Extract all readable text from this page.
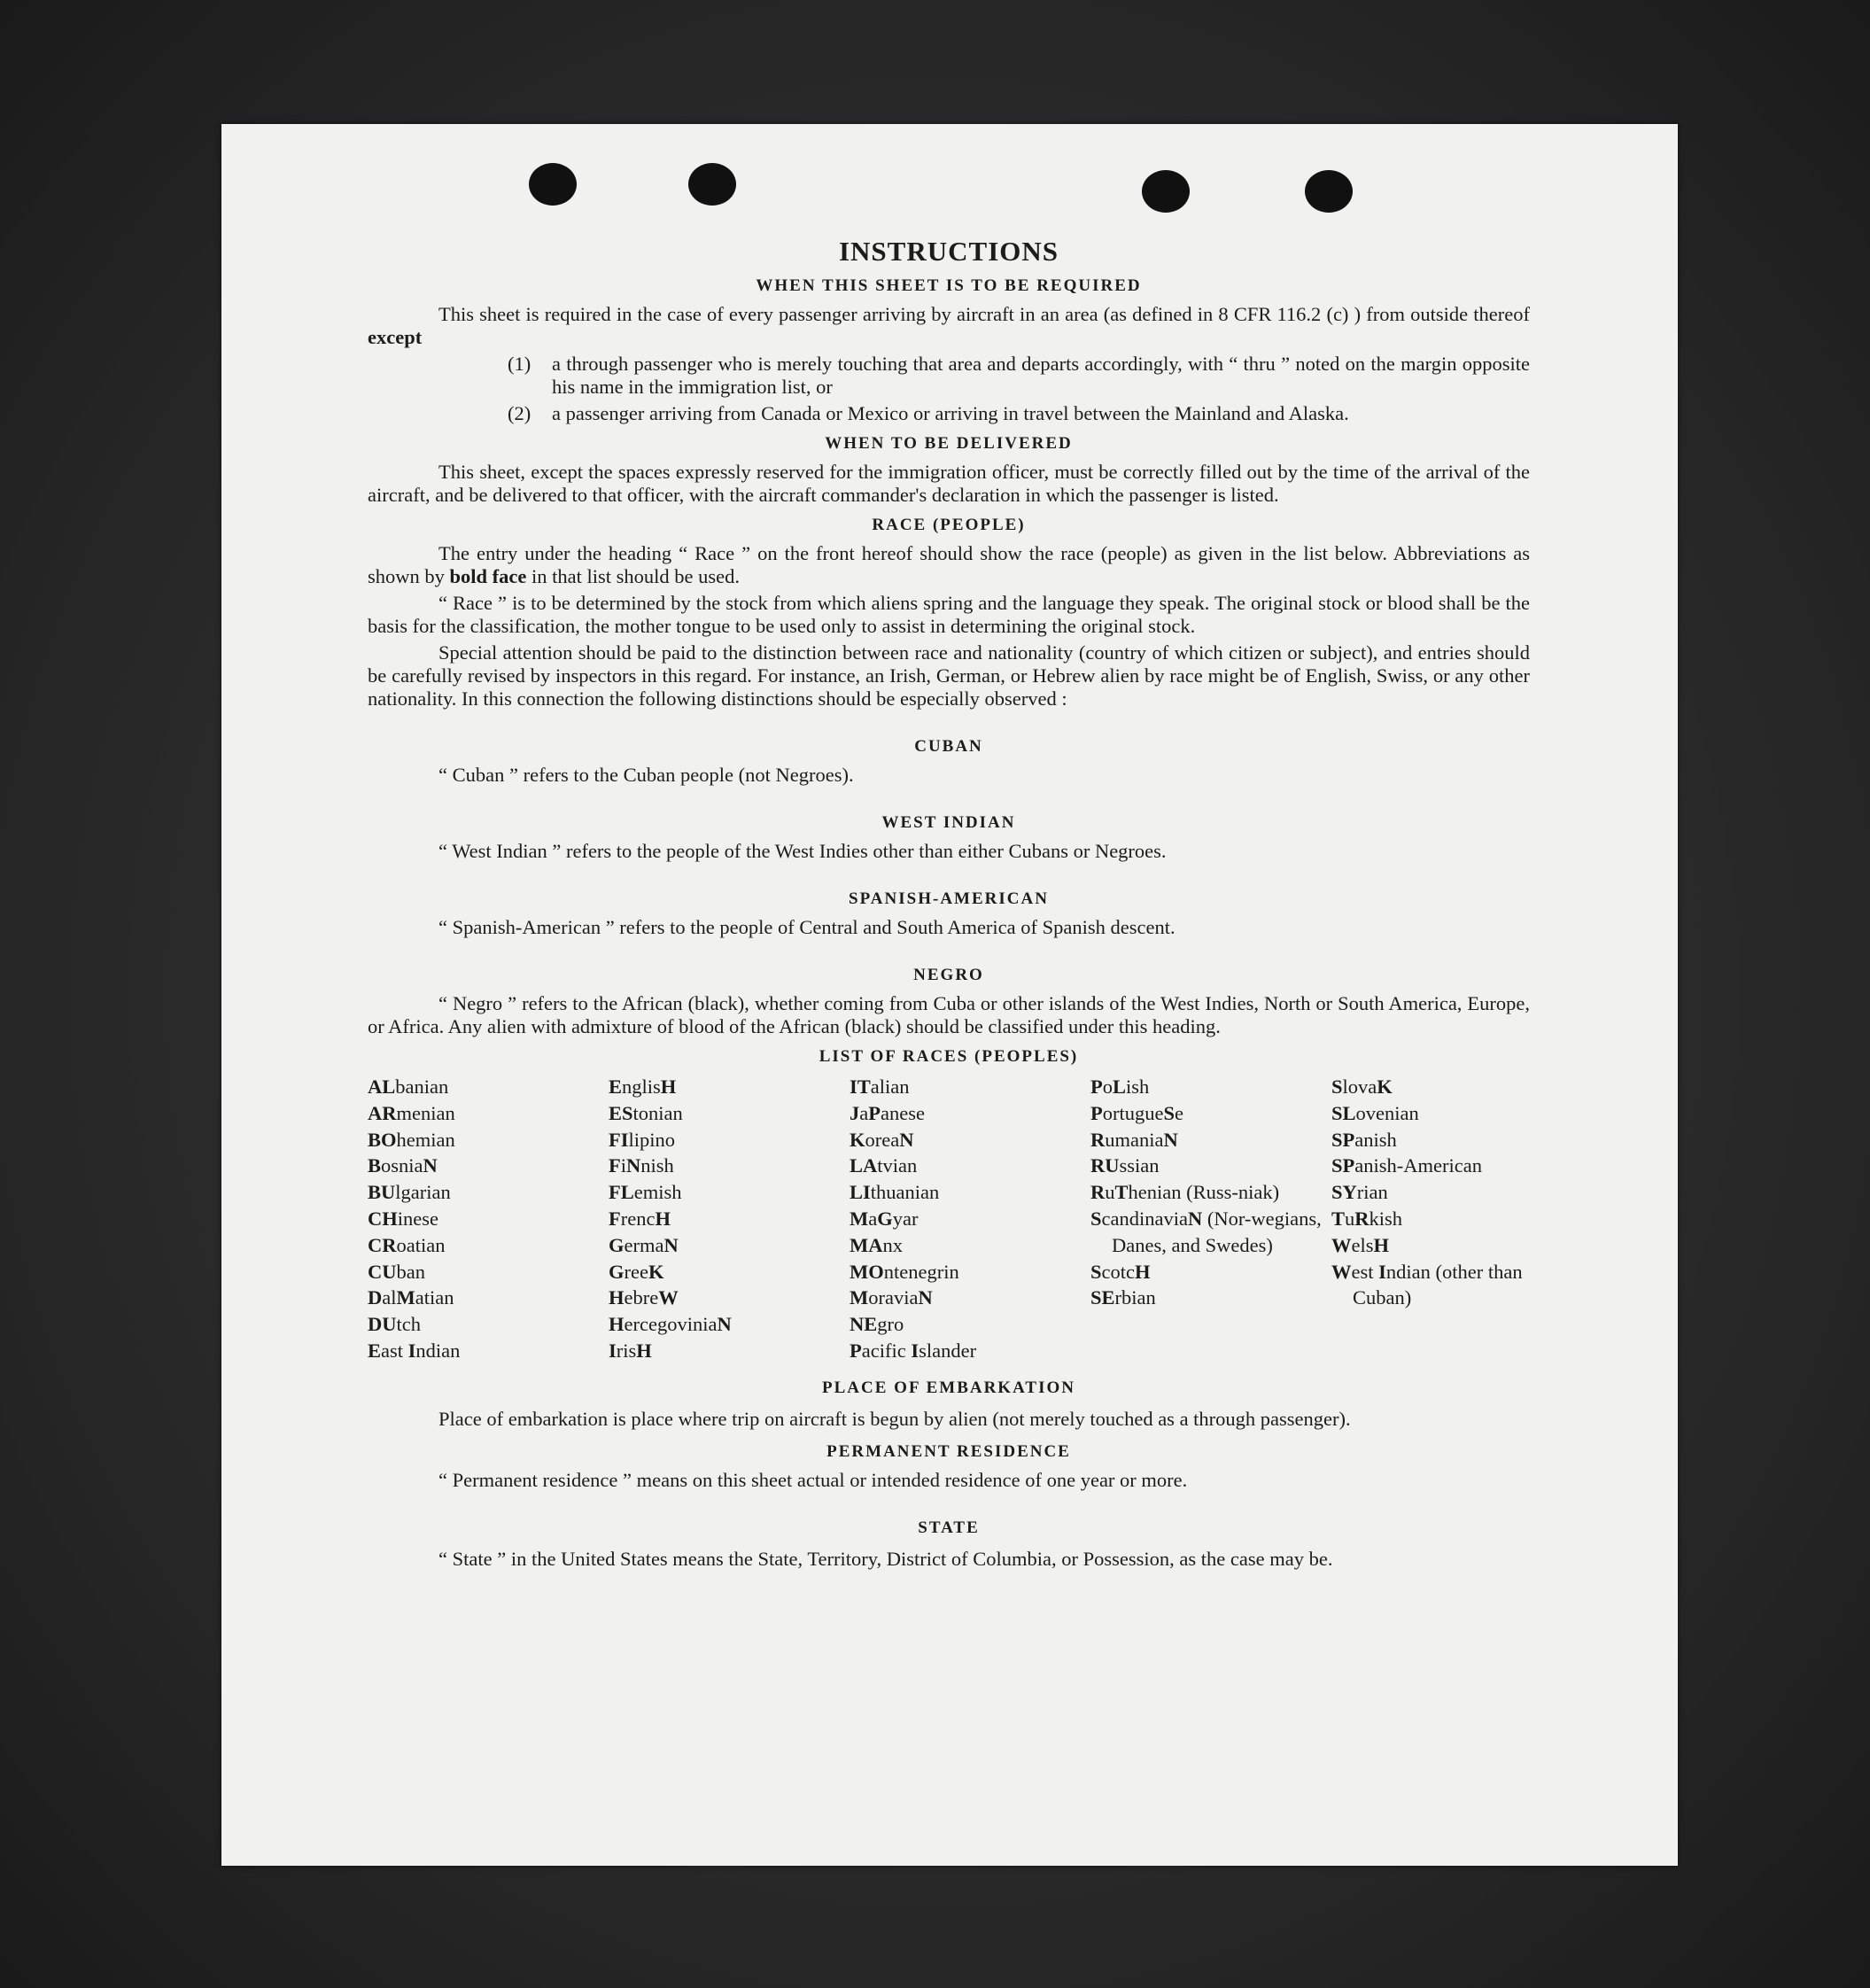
INSTRUCTIONS
WHEN THIS SHEET IS TO BE REQUIRED

This sheet is required in the case of every passenger arriving by aircraft in an area (as defined in 8 CFR 116.2 (c) ) from outside thereof except

(1)	a through passenger who is merely touching that area and departs accordingly, with “ thru ” noted on the margin opposite his name in the immigration list, or
(2)	a passenger arriving from Canada or Mexico or arriving in travel between the Mainland and Alaska.
WHEN TO BE DELIVERED

This sheet, except the spaces expressly reserved for the immigration officer, must be correctly filled out by the time of the arrival of the aircraft, and be delivered to that officer, with the aircraft commander's declaration in which the passenger is listed.

RACE (PEOPLE)

The entry under the heading “ Race ” on the front hereof should show the race (people) as given in the list below. Abbreviations as shown by bold face in that list should be used.

“ Race ” is to be determined by the stock from which aliens spring and the language they speak. The original stock or blood shall be the basis for the classification, the mother tongue to be used only to assist in determining the original stock.

Special attention should be paid to the distinction between race and nationality (country of which citizen or subject), and entries should be carefully revised by inspectors in this regard. For instance, an Irish, German, or Hebrew alien by race might be of English, Swiss, or any other nationality. In this connection the following distinctions should be especially observed :

CUBAN
“ Cuban ” refers to the Cuban people (not Negroes).
WEST INDIAN
“ West Indian ” refers to the people of the West Indies other than either Cubans or Negroes.
SPANISH-AMERICAN
“ Spanish-American ” refers to the people of Central and South America of Spanish descent.
NEGRO

“ Negro ” refers to the African (black), whether coming from Cuba or other islands of the West Indies, North or South America, Europe, or Africa. Any alien with admixture of blood of the African (black) should be classified under this heading.

LIST OF RACES (PEOPLES)
ALbanian
ARmenian
BOhemian
BosniaN
BUlgarian
CHinese
CRoatian
CUban
DalMatian
DUtch
East Indian
EnglisH
EStonian
FIlipino
FiNnish
FLemish
FrencH
GermaN
GreeK
HebreW
HercegoviniaN
IrisH
ITalian
JaPanese
KoreaN
LAtvian
LIthuanian
MaGyar
MAnx
MOntenegrin
MoraviaN
NEgro
Pacific Islander
PoLish
PortugueSe
RumaniaN
RUssian
RuThenian (Russ-niak)
ScandinaviaN (Nor-wegians, Danes, and Swedes)
ScotcH
SErbian
SlovaK
SLovenian
SPanish
SPanish-American
SYrian
TuRkish
WelsH
West Indian (other than Cuban)
PLACE OF EMBARKATION

Place of embarkation is place where trip on aircraft is begun by alien (not merely touched as a through passenger).

PERMANENT RESIDENCE
“ Permanent residence ” means on this sheet actual or intended residence of one year or more.
STATE

“ State ” in the United States means the State, Territory, District of Columbia, or Possession, as the case may be.
